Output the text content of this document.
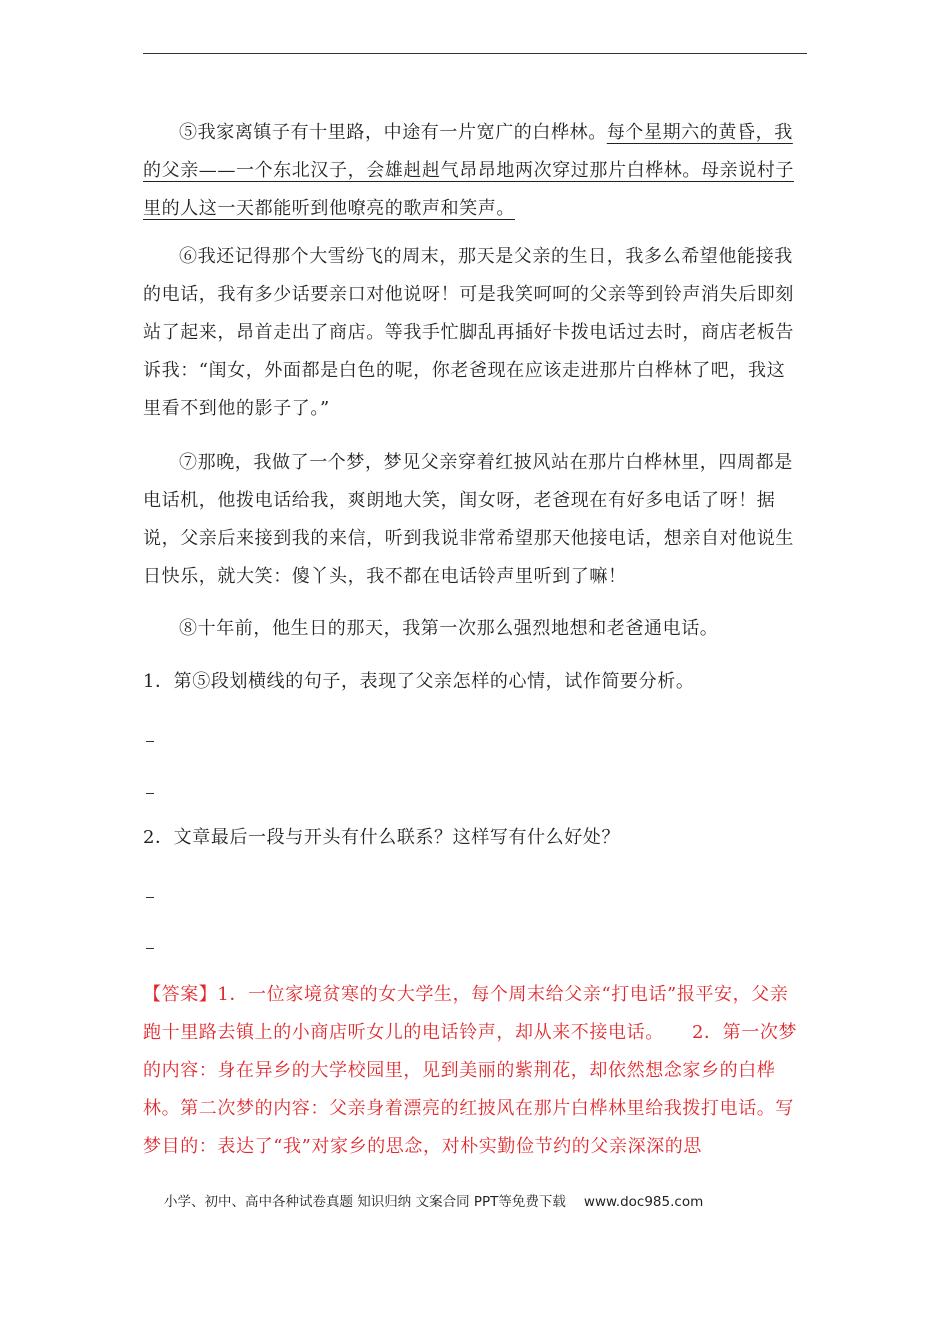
⑤我家离镇子有十里路，中途有一片宽广的白桦林。每个星期六的黄昏，我的父亲——一个东北汉子，会雄赳赳气昂昂地两次穿过那片白桦林。母亲说村子里的人这一天都能听到他嘹亮的歌声和笑声。

⑥我还记得那个大雪纷飞的周末，那天是父亲的生日，我多么希望他能接我的电话，我有多少话要亲口对他说呀！可是我笑呵呵的父亲等到铃声消失后即刻站了起来，昂首走出了商店。等我手忙脚乱再插好卡拨电话过去时，商店老板告诉我：“闺女，外面都是白色的呢，你老爸现在应该走进那片白桦林了吧，我这里看不到他的影子了。”

⑦那晚，我做了一个梦，梦见父亲穿着红披风站在那片白桦林里，四周都是电话机，他拨电话给我，爽朗地大笑，闺女呀，老爸现在有好多电话了呀！据说，父亲后来接到我的来信，听到我说非常希望那天他接电话，想亲自对他说生日快乐，就大笑：傻丫头，我不都在电话铃声里听到了嘛！

⑧十年前，他生日的那天，我第一次那么强烈地想和老爸通电话。

1．第⑤段划横线的句子，表现了父亲怎样的心情，试作简要分析。

2．文章最后一段与开头有什么联系？这样写有什么好处？

【答案】1．一位家境贫寒的女大学生，每个周末给父亲“打电话”报平安，父亲跑十里路去镇上的小商店听女儿的电话铃声，却从来不接电话。　　2．第一次梦的内容：身在异乡的大学校园里，见到美丽的紫荆花，却依然想念家乡的白桦林。第二次梦的内容：父亲身着漂亮的红披风在那片白桦林里给我拨打电话。写梦目的：表达了“我”对家乡的思念，对朴实勤俭节约的父亲深深的思

小学、初中、高中各种试卷真题 知识归纳 文案合同 PPT等免费下载 www.doc985.com
